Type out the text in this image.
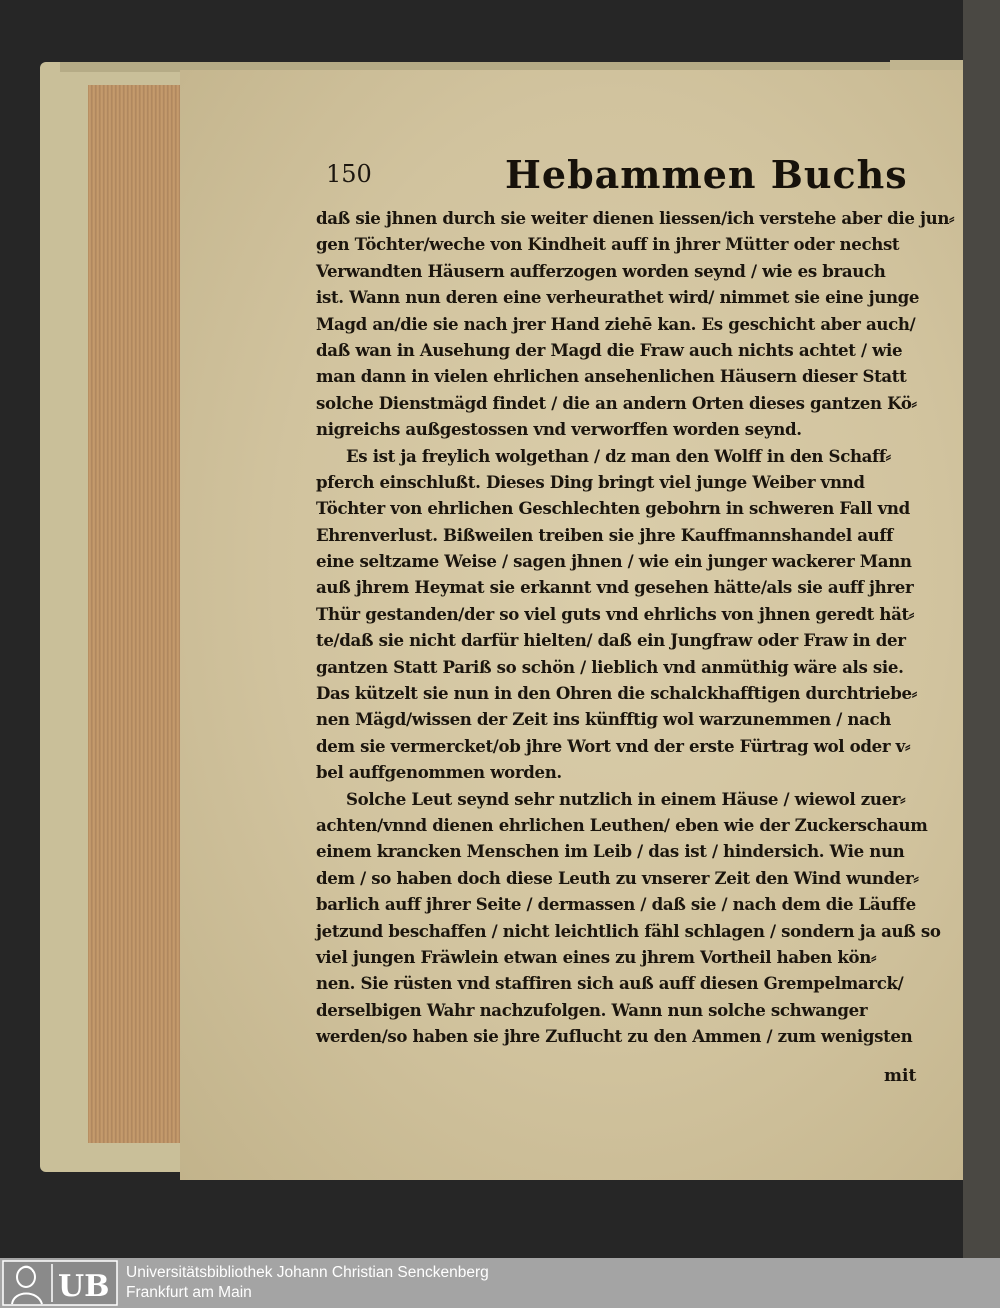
150	Hebammen Buchs
daß sie jhnen durch sie weiter dienen liessen/ich verstehe aber die jun⸗
gen Töchter/weche von Kindheit auff in jhrer Mütter oder nechst
Verwandten Häusern aufferzogen worden seynd / wie es brauch
ist. Wann nun deren eine verheurathet wird/ nimmet sie eine junge
Magd an/die sie nach jrer Hand ziehē kan. Es geschicht aber auch/
daß wan in Ausehung der Magd die Fraw auch nichts achtet / wie
man dann in vielen ehrlichen ansehenlichen Häusern dieser Statt
solche Dienstmägd findet / die an andern Orten dieses gantzen Kö⸗
nigreichs außgestossen vnd verworffen worden seynd.
Es ist ja freylich wolgethan / dz man den Wolff in den Schaff⸗
pferch einschlußt. Dieses Ding bringt viel junge Weiber vnnd
Töchter von ehrlichen Geschlechten gebohrn in schweren Fall vnd
Ehrenverlust. Bißweilen treiben sie jhre Kauffmannshandel auff
eine seltzame Weise / sagen jhnen / wie ein junger wackerer Mann
auß jhrem Heymat sie erkannt vnd gesehen hätte/als sie auff jhrer
Thür gestanden/der so viel guts vnd ehrlichs von jhnen geredt hät⸗
te/daß sie nicht darfür hielten/ daß ein Jungfraw oder Fraw in der
gantzen Statt Pariß so schön / lieblich vnd anmüthig wäre als sie.
Das kützelt sie nun in den Ohren die schalckhafftigen durchtriebe⸗
nen Mägd/wissen der Zeit ins künfftig wol warzunemmen / nach
dem sie vermercket/ob jhre Wort vnd der erste Fürtrag wol oder v⸗
bel auffgenommen worden.
Solche Leut seynd sehr nutzlich in einem Häuse / wiewol zuer⸗
achten/vnnd dienen ehrlichen Leuthen/ eben wie der Zuckerschaum
einem krancken Menschen im Leib / das ist / hindersich. Wie nun
dem / so haben doch diese Leuth zu vnserer Zeit den Wind wunder⸗
barlich auff jhrer Seite / dermassen / daß sie / nach dem die Läuffe
jetzund beschaffen / nicht leichtlich fähl schlagen / sondern ja auß so
viel jungen Fräwlein etwan eines zu jhrem Vortheil haben kön⸗
nen. Sie rüsten vnd staffiren sich auß auff diesen Grempelmarck/
derselbigen Wahr nachzufolgen. Wann nun solche schwanger
werden/so haben sie jhre Zuflucht zu den Ammen / zum wenigsten
mit
UB Universitätsbibliothek Johann Christian Senckenberg
Frankfurt am Main
